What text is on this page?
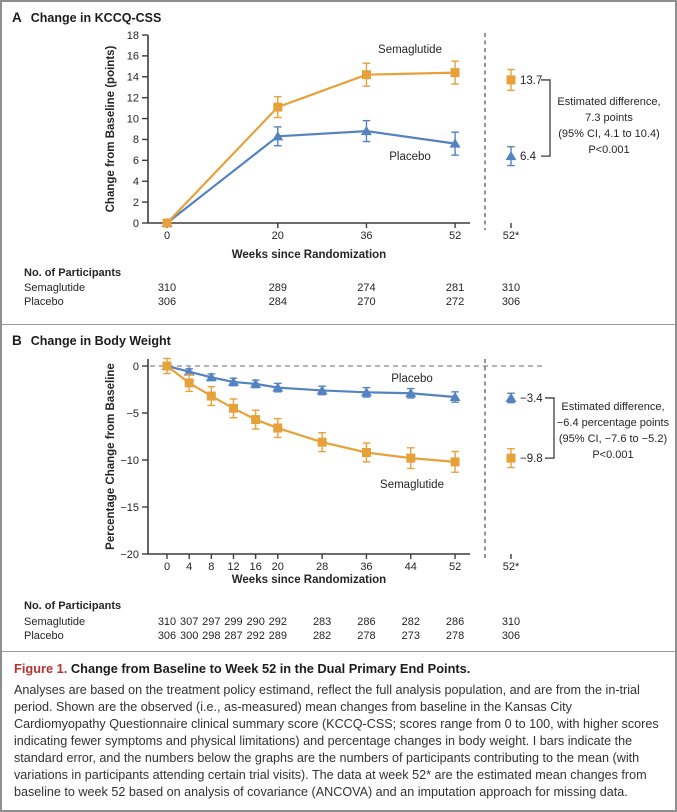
A Change in KCCQ-CSS
0
2
4
6
8
10
12
14
16
18
Change from Baseline (points)
0	20	36	52	52*
Weeks since Randomization
Placebo	6.4
Semaglutide
13.7
Estimated difference,
7.3 points
(95% CI, 4.1 to 10.4)
P<0.001
No. of Participants
Semaglutide	310	289	274	281	310
Placebo	306	284	270	272	306
B Change in Body Weight
0
−5
−10
−15
−20
Percentage Change from Baseline
0 4 8 12 16 20	28	36	44	52	52*
Weeks since Randomization
Placebo
−3.4
Semaglutide
−9.8
Estimated difference,
−6.4 percentage points
(95% CI, −7.6 to −5.2)
P<0.001
No. of Participants
Semaglutide	310 307 297 299 290 292 283 286 282 286	310
Placebo	306 300 298 287 292 289 282 278 273 278	306

Figure 1. Change from Baseline to Week 52 in the Dual Primary End Points.

Analyses are based on the treatment policy estimand, reflect the full analysis population, and are from the in-trial period. Shown are the observed (i.e., as-measured) mean changes from baseline in the Kansas City Cardiomyopathy Questionnaire clinical summary score (KCCQ-CSS; scores range from 0 to 100, with higher scores indicating fewer symptoms and physical limitations) and percentage changes in body weight. I bars indicate the standard error, and the numbers below the graphs are the numbers of participants contributing to the mean (with variations in participants attending certain trial visits). The data at week 52* are the estimated mean changes from baseline to week 52 based on analysis of covariance (ANCOVA) and an imputation approach for missing data.
